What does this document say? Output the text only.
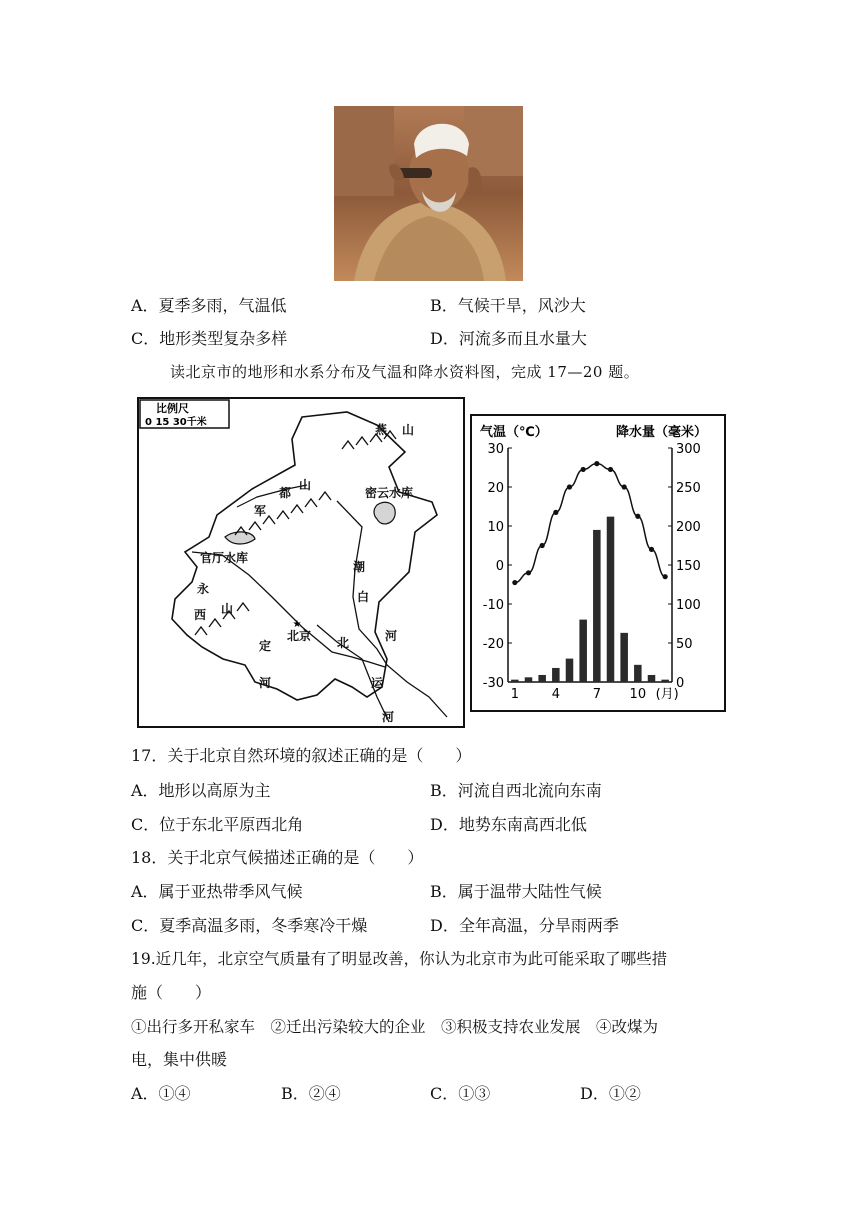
A．夏季多雨，气温低	B．气候干旱，风沙大
C．地形类型复杂多样	D．河流多而且水量大
读北京市的地形和水系分布及气温和降水资料图，完成 17—20 题。
比例尺
0 15 30千米
燕 山
密云水库
军
都
山
官厅水库
潮
白
河
永
西 山
定
河
北京 北
运
河
★
气温（℃）	降水量（毫米）
30
20
10
0
-10
-20
-30
300
250
200
150
100
50
0
1	4	7 10 (月)
17．关于北京自然环境的叙述正确的是（　　）
A．地形以高原为主	B．河流自西北流向东南
C．位于东北平原西北角	D．地势东南高西北低
18．关于北京气候描述正确的是（　　）
A．属于亚热带季风气候	B．属于温带大陆性气候
C．夏季高温多雨，冬季寒冷干燥	D．全年高温，分旱雨两季
19.近几年，北京空气质量有了明显改善，你认为北京市为此可能采取了哪些措
施（　　）
①出行多开私家车　②迁出污染较大的企业　③积极支持农业发展　④改煤为
电，集中供暖
A．①④	B．②④	C．①③	D．①②
